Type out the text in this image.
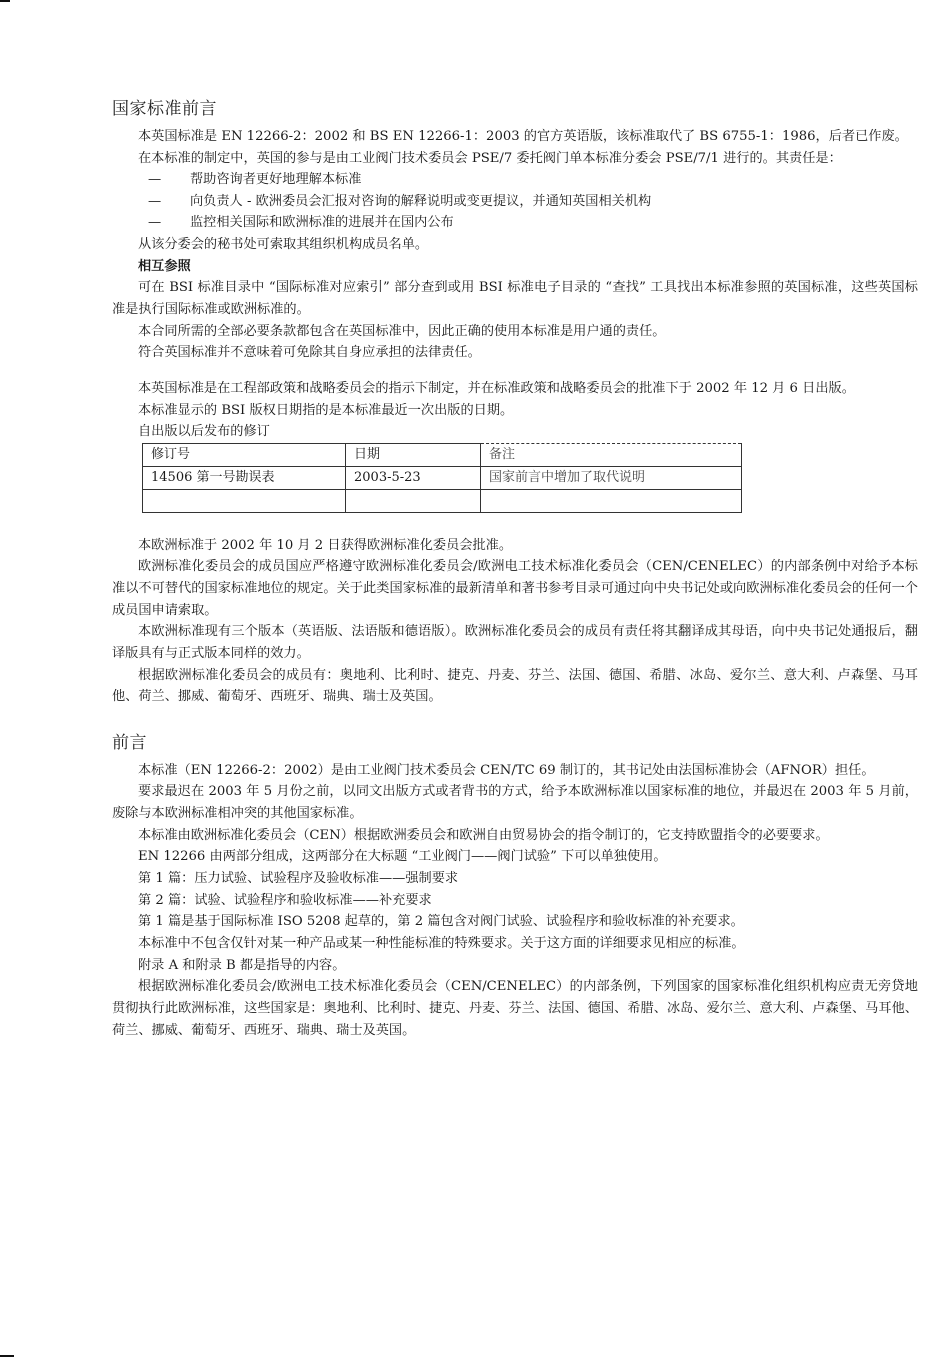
国家标准前言

本英国标准是 EN 12266-2：2002 和 BS EN 12266-1：2003 的官方英语版，该标准取代了 BS 6755-1：1986，后者已作废。

在本标准的制定中，英国的参与是由工业阀门技术委员会 PSE/7 委托阀门单本标准分委会 PSE/7/1 进行的。其责任是：

— 帮助咨询者更好地理解本标准
— 向负责人 - 欧洲委员会汇报对咨询的解释说明或变更提议，并通知英国相关机构
— 监控相关国际和欧洲标准的进展并在国内公布

从该分委会的秘书处可索取其组织机构成员名单。

相互参照

可在 BSI 标准目录中 “国际标准对应索引” 部分查到或用 BSI 标准电子目录的 “查找” 工具找出本标准参照的英国标准，这些英国标准是执行国际标准或欧洲标准的。

本合同所需的全部必要条款都包含在英国标准中，因此正确的使用本标准是用户通的责任。

符合英国标准并不意味着可免除其自身应承担的法律责任。

本英国标准是在工程部政策和战略委员会的指示下制定，并在标准政策和战略委员会的批准下于 2002 年 12 月 6 日出版。

本标准显示的 BSI 版权日期指的是本标准最近一次出版的日期。

自出版以后发布的修订

修订号	日期	备注
14506 第一号勘误表	2003-5-23	国家前言中增加了取代说明

本欧洲标准于 2002 年 10 月 2 日获得欧洲标准化委员会批准。

欧洲标准化委员会的成员国应严格遵守欧洲标准化委员会/欧洲电工技术标准化委员会（CEN/CENELEC）的内部条例中对给予本标准以不可替代的国家标准地位的规定。关于此类国家标准的最新清单和著书参考目录可通过向中央书记处或向欧洲标准化委员会的任何一个成员国申请索取。

本欧洲标准现有三个版本（英语版、法语版和德语版）。欧洲标准化委员会的成员有责任将其翻译成其母语，向中央书记处通报后，翻译版具有与正式版本同样的效力。

根据欧洲标准化委员会的成员有：奥地利、比利时、捷克、丹麦、芬兰、法国、德国、希腊、冰岛、爱尔兰、意大利、卢森堡、马耳他、荷兰、挪威、葡萄牙、西班牙、瑞典、瑞士及英国。

前言

本标准（EN 12266-2：2002）是由工业阀门技术委员会 CEN/TC 69 制订的，其书记处由法国标准协会（AFNOR）担任。

要求最迟在 2003 年 5 月份之前，以同文出版方式或者背书的方式，给予本欧洲标准以国家标准的地位，并最迟在 2003 年 5 月前，废除与本欧洲标准相冲突的其他国家标准。

本标准由欧洲标准化委员会（CEN）根据欧洲委员会和欧洲自由贸易协会的指令制订的，它支持欧盟指令的必要要求。

EN 12266 由两部分组成，这两部分在大标题 “工业阀门——阀门试验” 下可以单独使用。

第 1 篇：压力试验、试验程序及验收标准——强制要求

第 2 篇：试验、试验程序和验收标准——补充要求

第 1 篇是基于国际标准 ISO 5208 起草的，第 2 篇包含对阀门试验、试验程序和验收标准的补充要求。

本标准中不包含仅针对某一种产品或某一种性能标准的特殊要求。关于这方面的详细要求见相应的标准。

附录 A 和附录 B 都是指导的内容。

根据欧洲标准化委员会/欧洲电工技术标准化委员会（CEN/CENELEC）的内部条例，下列国家的国家标准化组织机构应责无旁贷地贯彻执行此欧洲标准，这些国家是：奥地利、比利时、捷克、丹麦、芬兰、法国、德国、希腊、冰岛、爱尔兰、意大利、卢森堡、马耳他、荷兰、挪威、葡萄牙、西班牙、瑞典、瑞士及英国。
